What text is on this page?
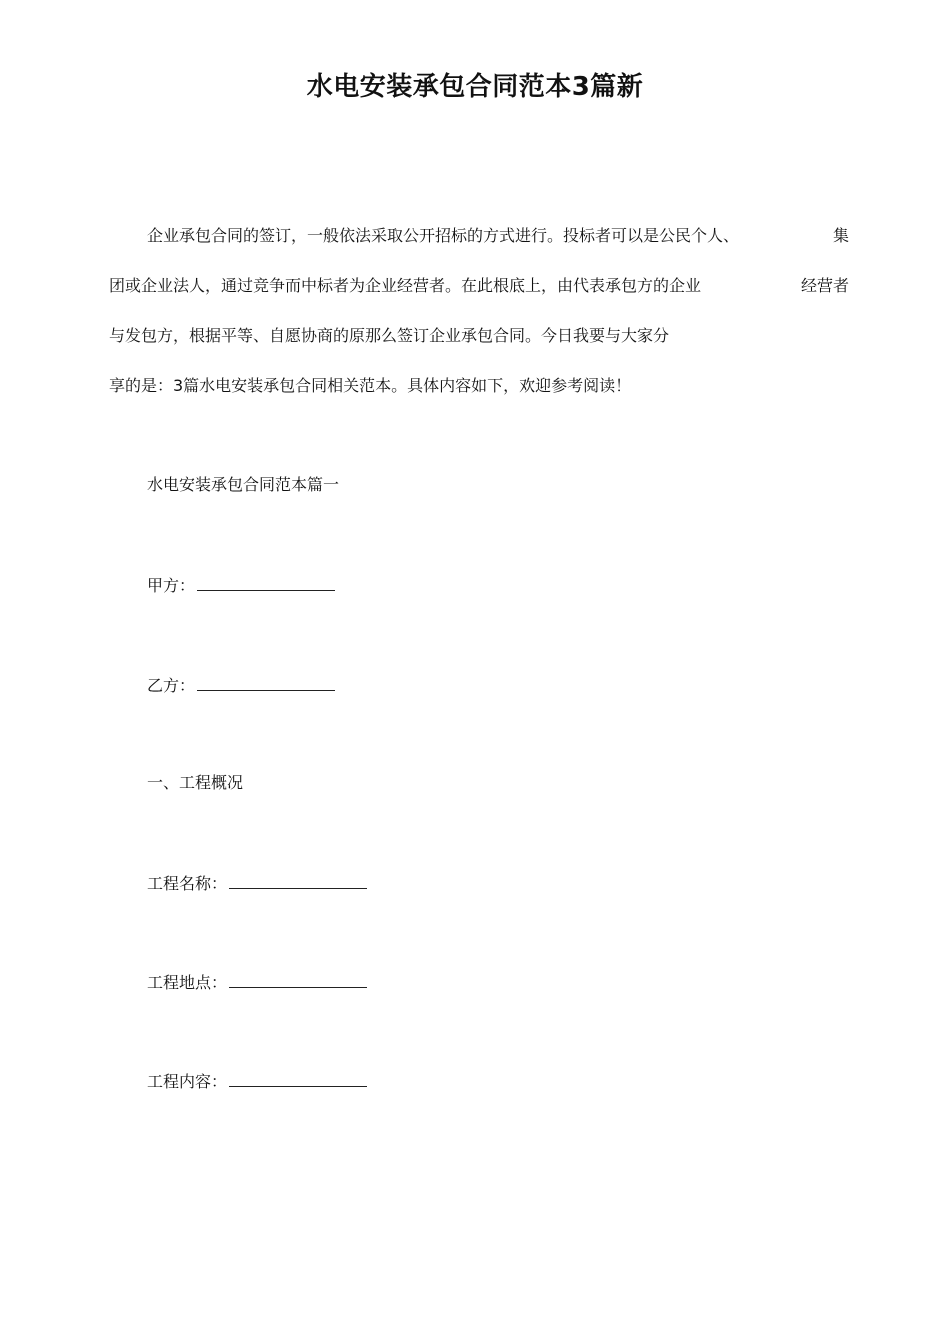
水电安装承包合同范本3篇新

企业承包合同的签订，一般依法采取公开招标的方式进行。投标者可以是公民个人、	集

团或企业法人，通过竞争而中标者为企业经营者。在此根底上，由代表承包方的企业	经营者

与发包方，根据平等、自愿协商的原那么签订企业承包合同。今日我要与大家分

享的是：3篇水电安装承包合同相关范本。具体内容如下，欢迎参考阅读！

水电安装承包合同范本篇一

甲方：

乙方：

一、工程概况

工程名称：

工程地点：

工程内容：
